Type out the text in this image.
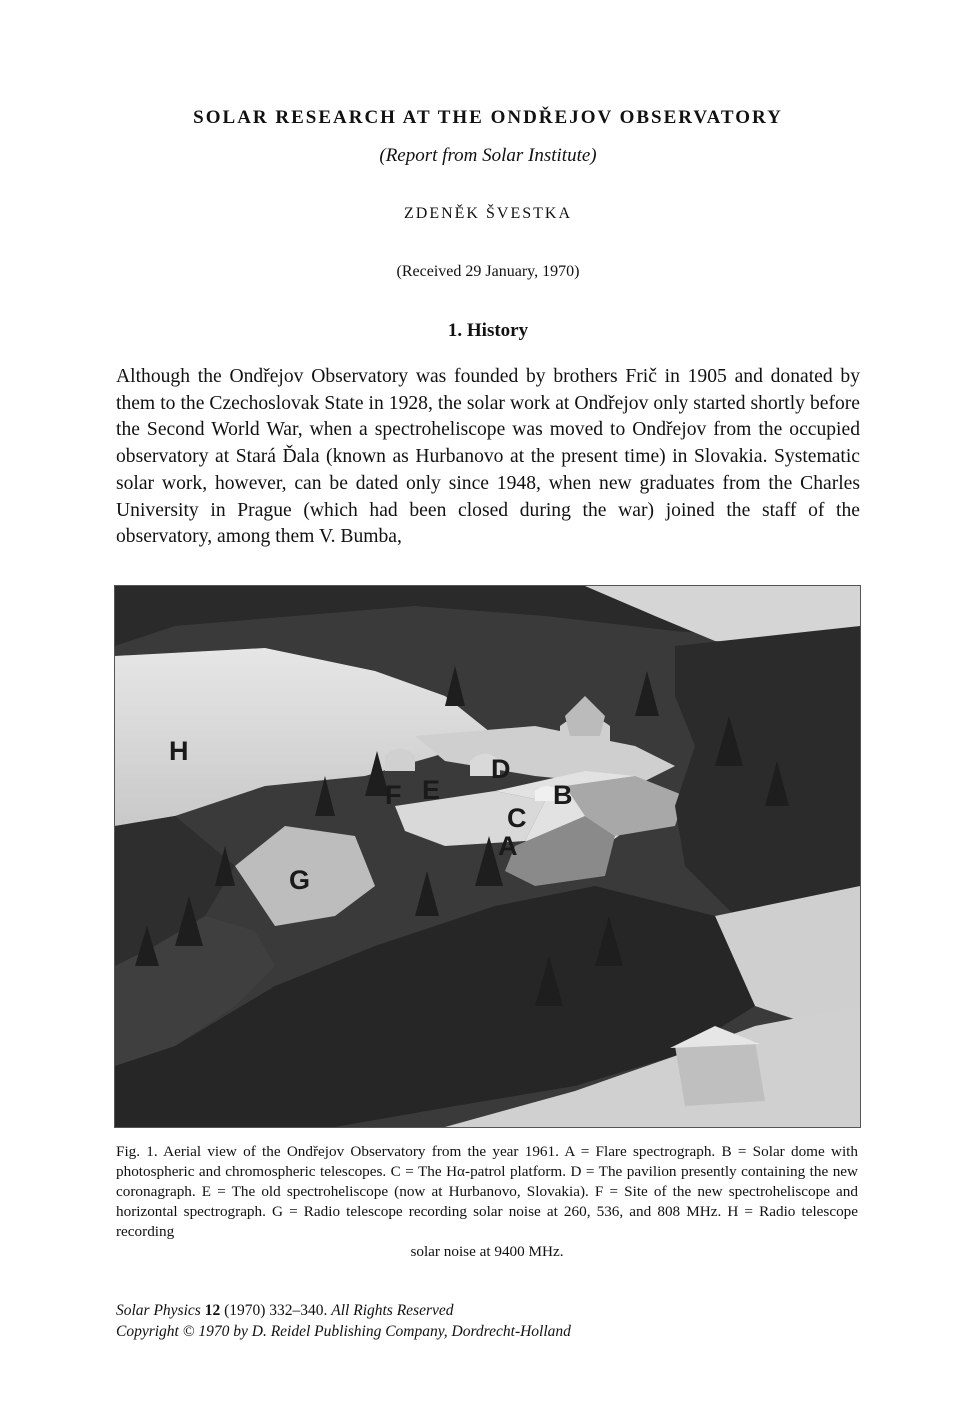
SOLAR RESEARCH AT THE ONDŘEJOV OBSERVATORY
(Report from Solar Institute)
ZDENĚK ŠVESTKA
(Received 29 January, 1970)
1. History

Although the Ondřejov Observatory was founded by brothers Frič in 1905 and donated by them to the Czechoslovak State in 1928, the solar work at Ondřejov only started shortly before the Second World War, when a spectroheliscope was moved to Ondřejov from the occupied observatory at Stará Ďala (known as Hurbanovo at the present time) in Slovakia. Systematic solar work, however, can be dated only since 1948, when new graduates from the Charles University in Prague (which had been closed during the war) joined the staff of the observatory, among them V. Bumba,

A
B
C
D
E
F
G
H

Fig. 1. Aerial view of the Ondřejov Observatory from the year 1961. A = Flare spectrograph. B = Solar dome with photospheric and chromospheric telescopes. C = The Hα-patrol platform. D = The pavilion presently containing the new coronagraph. E = The old spectroheliscope (now at Hurbanovo, Slovakia). F = Site of the new spectroheliscope and horizontal spectrograph. G = Radio telescope recording solar noise at 260, 536, and 808 MHz. H = Radio telescope recording
solar noise at 9400 MHz.

Solar Physics 12 (1970) 332–340. All Rights Reserved
Copyright © 1970 by D. Reidel Publishing Company, Dordrecht-Holland
